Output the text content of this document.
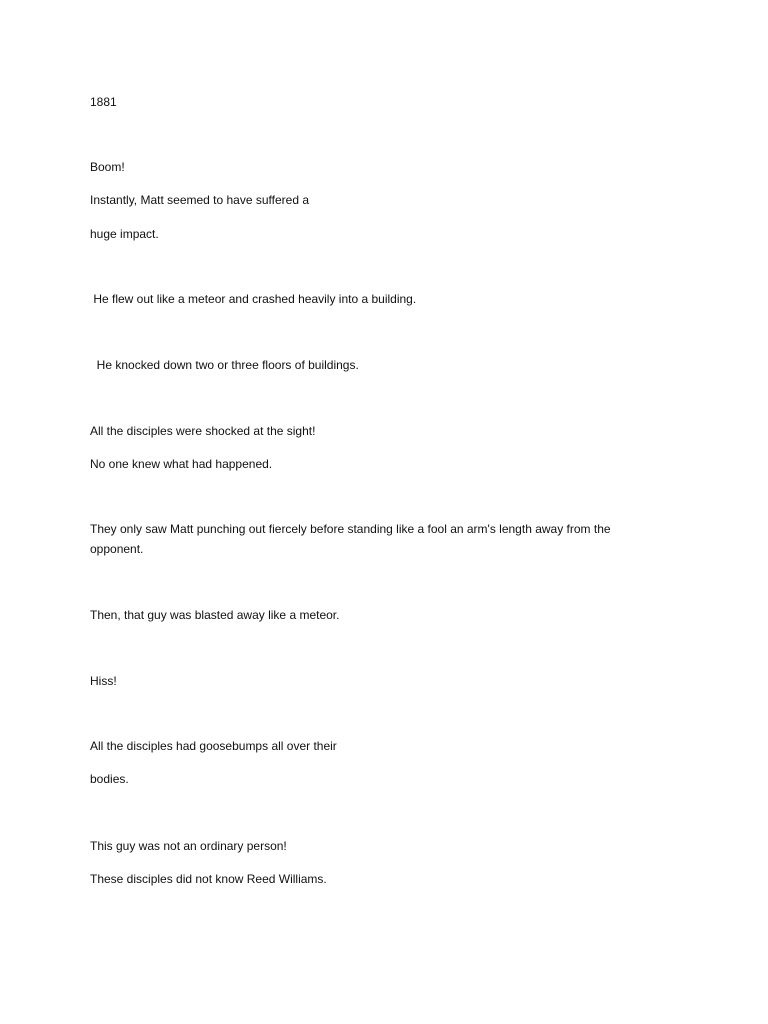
1881

Boom!

Instantly, Matt seemed to have suffered a

huge impact.

He flew out like a meteor and crashed heavily into a building.

He knocked down two or three floors of buildings.

All the disciples were shocked at the sight!

No one knew what had happened.

They only saw Matt punching out fiercely before standing like a fool an arm's length away from the opponent.

Then, that guy was blasted away like a meteor.

Hiss!

All the disciples had goosebumps all over their

bodies.

This guy was not an ordinary person!

These disciples did not know Reed Williams.
